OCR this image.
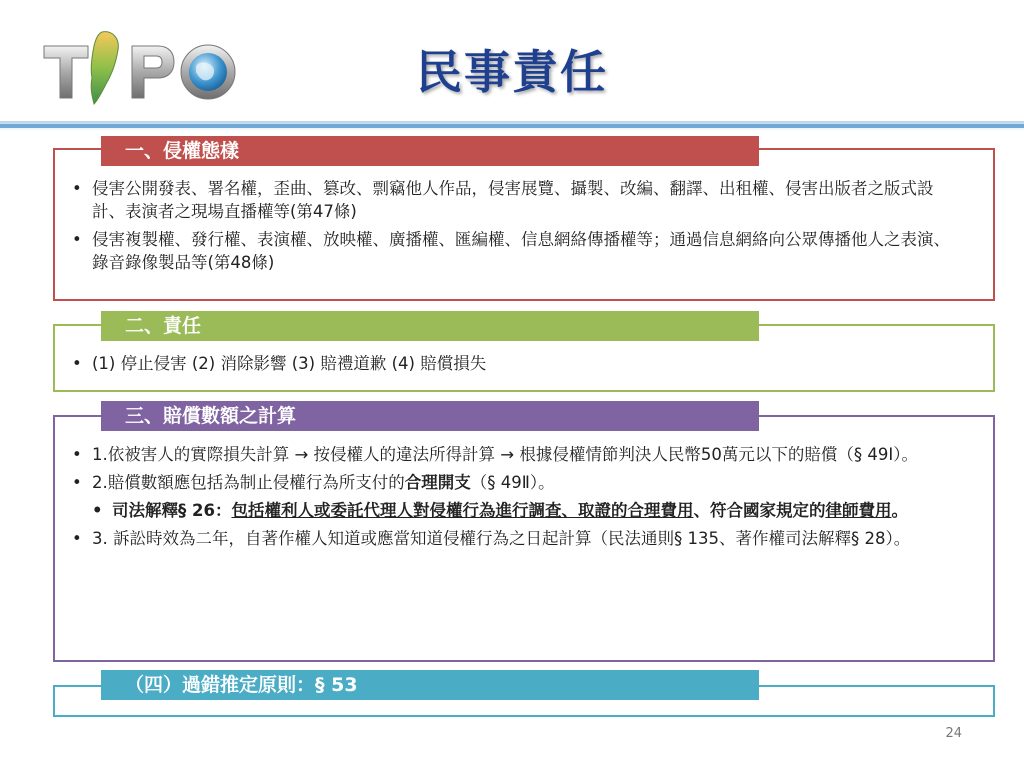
民事責任
一、侵權態樣
• 侵害公開發表、署名權，歪曲、篡改、剽竊他人作品，侵害展覽、攝製、改編、翻譯、出租權、侵害出版者之版式設計、表演者之現場直播權等(第47條)
• 侵害複製權、發行權、表演權、放映權、廣播權、匯編權、信息網絡傳播權等；通過信息網絡向公眾傳播他人之表演、錄音錄像製品等(第48條)
二、責任
• (1) 停止侵害 (2) 消除影響 (3) 賠禮道歉 (4) 賠償損失
三、賠償數額之計算
• 1.依被害人的實際損失計算 → 按侵權人的違法所得計算 → 根據侵權情節判決人民幣50萬元以下的賠償（§ 49Ⅰ）。
• 2.賠償數額應包括為制止侵權行為所支付的合理開支（§ 49Ⅱ）。
• 司法解釋§ 26：包括權利人或委託代理人對侵權行為進行調查、取證的合理費用、符合國家規定的律師費用。
• 3. 訴訟時效為二年，自著作權人知道或應當知道侵權行為之日起計算（民法通則§ 135、著作權司法解釋§ 28）。
（四）過錯推定原則：§ 53
24
